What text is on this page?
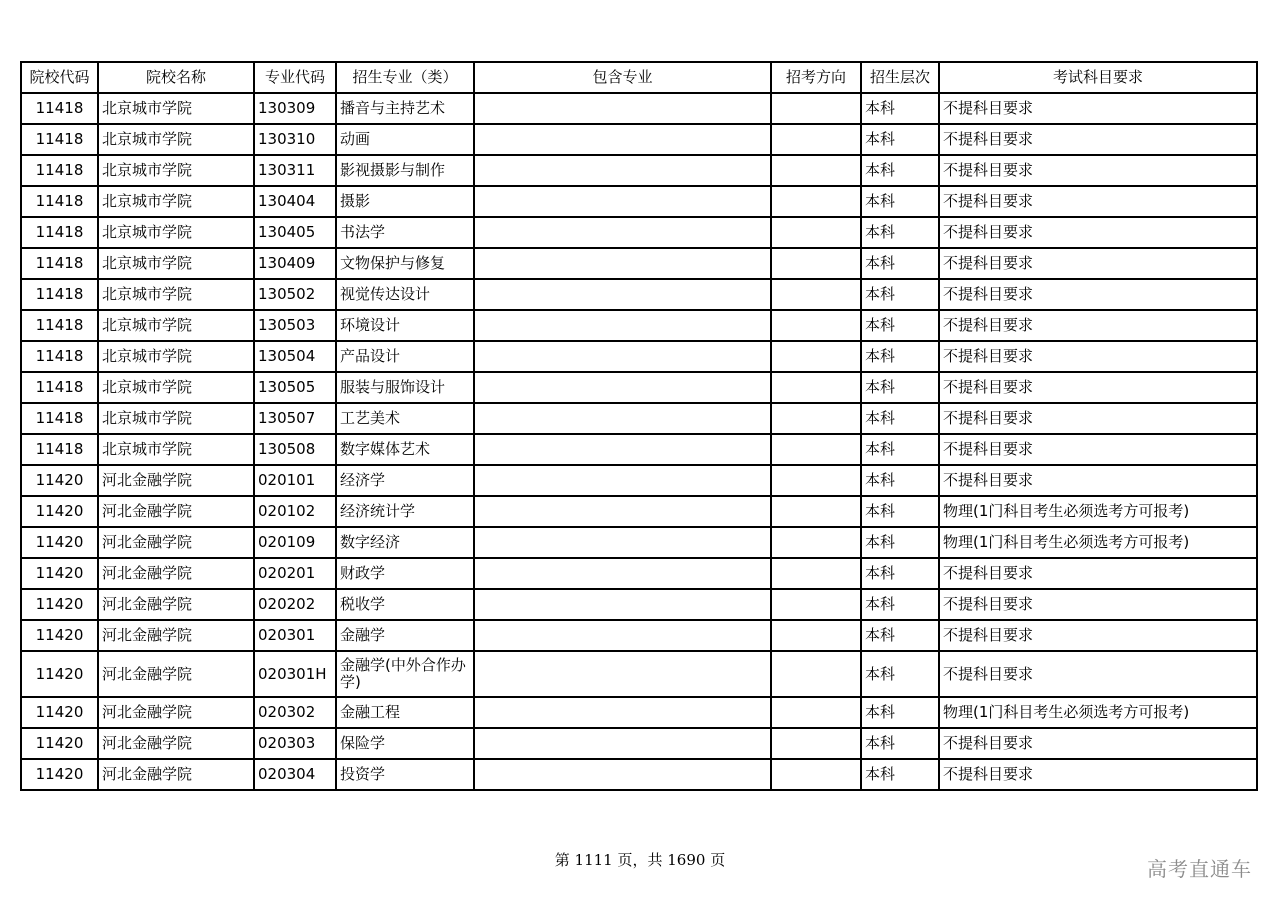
院校代码	院校名称	专业代码	招生专业（类）	包含专业	招考方向	招生层次	考试科目要求
11418	北京城市学院	130309	播音与主持艺术			本科	不提科目要求
11418	北京城市学院	130310	动画			本科	不提科目要求
11418	北京城市学院	130311	影视摄影与制作			本科	不提科目要求
11418	北京城市学院	130404	摄影			本科	不提科目要求
11418	北京城市学院	130405	书法学			本科	不提科目要求
11418	北京城市学院	130409	文物保护与修复			本科	不提科目要求
11418	北京城市学院	130502	视觉传达设计			本科	不提科目要求
11418	北京城市学院	130503	环境设计			本科	不提科目要求
11418	北京城市学院	130504	产品设计			本科	不提科目要求
11418	北京城市学院	130505	服装与服饰设计			本科	不提科目要求
11418	北京城市学院	130507	工艺美术			本科	不提科目要求
11418	北京城市学院	130508	数字媒体艺术			本科	不提科目要求
11420	河北金融学院	020101	经济学			本科	不提科目要求
11420	河北金融学院	020102	经济统计学			本科	物理(1门科目考生必须选考方可报考)
11420	河北金融学院	020109	数字经济			本科	物理(1门科目考生必须选考方可报考)
11420	河北金融学院	020201	财政学			本科	不提科目要求
11420	河北金融学院	020202	税收学			本科	不提科目要求
11420	河北金融学院	020301	金融学			本科	不提科目要求
11420	河北金融学院	020301H	金融学(中外合作办学)			本科	不提科目要求
11420	河北金融学院	020302	金融工程			本科	物理(1门科目考生必须选考方可报考)
11420	河北金融学院	020303	保险学			本科	不提科目要求
11420	河北金融学院	020304	投资学			本科	不提科目要求
第 1111 页，共 1690 页	高考直通车
